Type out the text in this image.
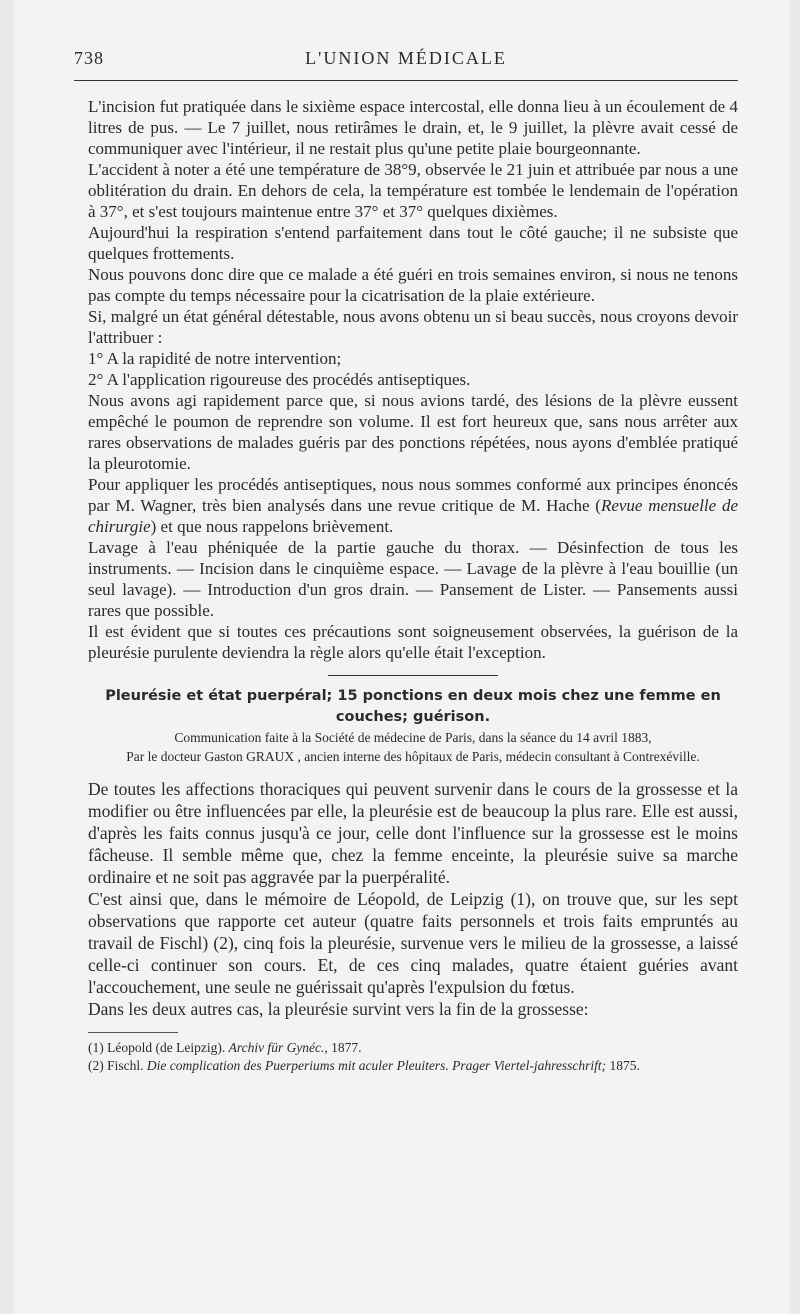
738	L'UNION MÉDICALE

L'incision fut pratiquée dans le sixième espace intercostal, elle donna lieu à un écoulement de 4 litres de pus. — Le 7 juillet, nous retirâmes le drain, et, le 9 juillet, la plèvre avait cessé de communiquer avec l'intérieur, il ne restait plus qu'une petite plaie bourgeonnante.

L'accident à noter a été une température de 38°9, observée le 21 juin et attribuée par nous a une oblitération du drain. En dehors de cela, la température est tombée le lendemain de l'opération à 37°, et s'est toujours maintenue entre 37° et 37° quelques dixièmes.

Aujourd'hui la respiration s'entend parfaitement dans tout le côté gauche; il ne subsiste que quelques frottements.

Nous pouvons donc dire que ce malade a été guéri en trois semaines environ, si nous ne tenons pas compte du temps nécessaire pour la cicatrisation de la plaie extérieure.

Si, malgré un état général détestable, nous avons obtenu un si beau succès, nous croyons devoir l'attribuer :

1° A la rapidité de notre intervention;

2° A l'application rigoureuse des procédés antiseptiques.

Nous avons agi rapidement parce que, si nous avions tardé, des lésions de la plèvre eussent empêché le poumon de reprendre son volume. Il est fort heureux que, sans nous arrêter aux rares observations de malades guéris par des ponctions répétées, nous ayons d'emblée pratiqué la pleurotomie.

Pour appliquer les procédés antiseptiques, nous nous sommes conformé aux principes énoncés par M. Wagner, très bien analysés dans une revue critique de M. Hache (Revue mensuelle de chirurgie) et que nous rappelons brièvement.

Lavage à l'eau phéniquée de la partie gauche du thorax. — Désinfection de tous les instruments. — Incision dans le cinquième espace. — Lavage de la plèvre à l'eau bouillie (un seul lavage). — Introduction d'un gros drain. — Pansement de Lister. — Pansements aussi rares que possible.

Il est évident que si toutes ces précautions sont soigneusement observées, la guérison de la pleurésie purulente deviendra la règle alors qu'elle était l'exception.

Pleurésie et état puerpéral; 15 ponctions en deux mois chez une femme en couches; guérison.

Communication faite à la Société de médecine de Paris, dans la séance du 14 avril 1883,

Par le docteur Gaston GRAUX , ancien interne des hôpitaux de Paris, médecin consultant à Contrexéville.

De toutes les affections thoraciques qui peuvent survenir dans le cours de la grossesse et la modifier ou être influencées par elle, la pleurésie est de beaucoup la plus rare. Elle est aussi, d'après les faits connus jusqu'à ce jour, celle dont l'influence sur la grossesse est le moins fâcheuse. Il semble même que, chez la femme enceinte, la pleurésie suive sa marche ordinaire et ne soit pas aggravée par la puerpéralité.

C'est ainsi que, dans le mémoire de Léopold, de Leipzig (1), on trouve que, sur les sept observations que rapporte cet auteur (quatre faits personnels et trois faits empruntés au travail de Fischl) (2), cinq fois la pleurésie, survenue vers le milieu de la grossesse, a laissé celle-ci continuer son cours. Et, de ces cinq malades, quatre étaient guéries avant l'accouchement, une seule ne guérissait qu'après l'expulsion du fœtus.

Dans les deux autres cas, la pleurésie survint vers la fin de la grossesse:

(1) Léopold (de Leipzig). Archiv für Gynéc., 1877.

(2) Fischl. Die complication des Puerperiums mit aculer Pleuiters. Prager Viertel-jahresschrift; 1875.
